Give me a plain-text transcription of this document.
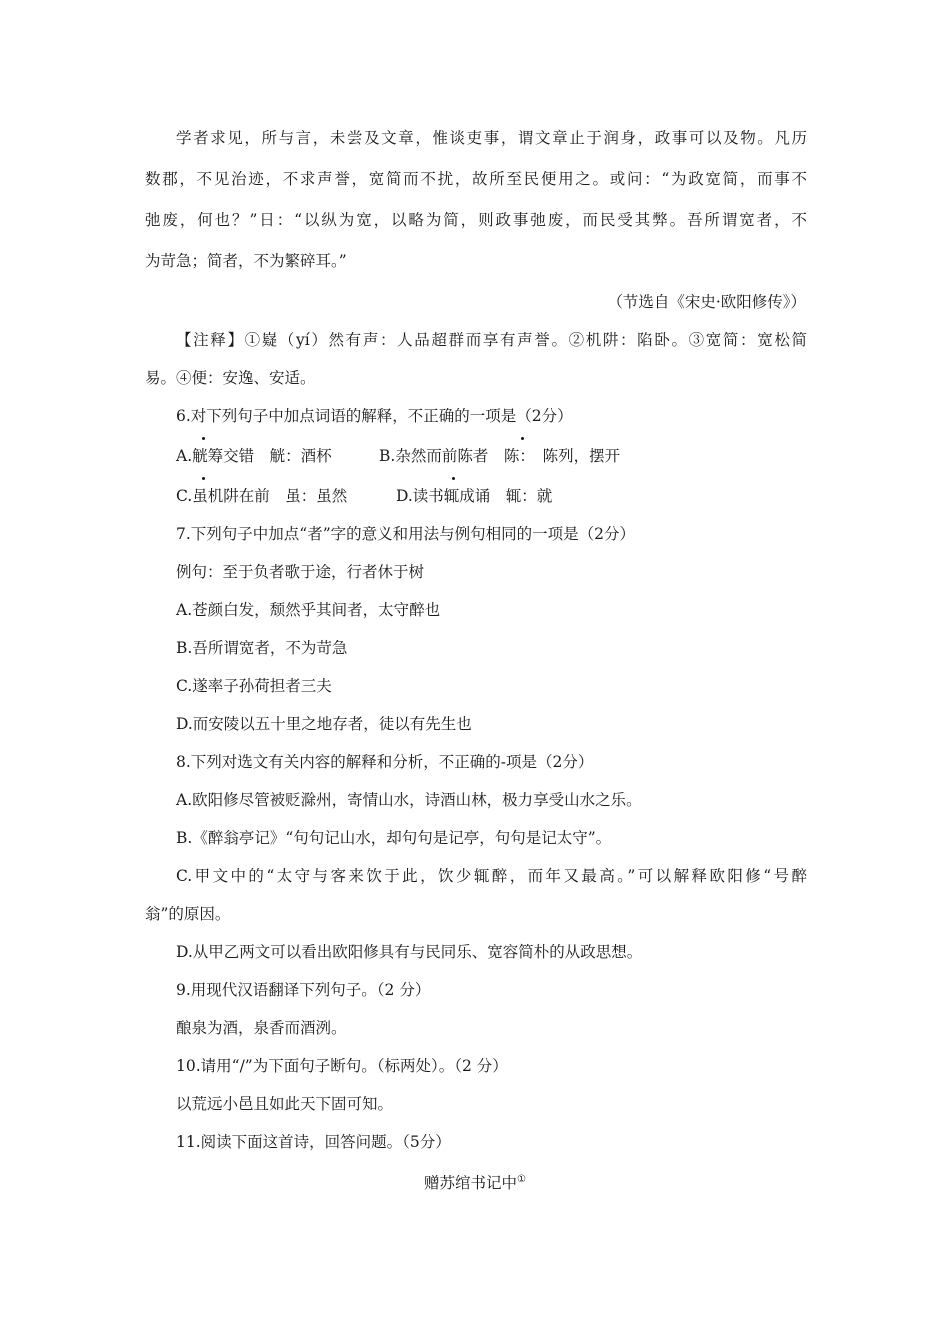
学者求见，所与言，未尝及文章，惟谈吏事，谓文章止于润身，政事可以及物。凡历
数郡，不见治迹，不求声誉，宽简而不扰，故所至民便用之。或问：“为政宽简，而事不
弛废，何也？”日：“以纵为宽，以略为简，则政事弛废，而民受其弊。吾所谓宽者，不
为苛急；简者，不为繁碎耳。”
（节选自《宋史·欧阳修传》）
【注释】①嶷（yí）然有声：人品超群而享有声誉。②机阱：陷卧。③宽简：宽松简
易。④便：安逸、安适。
6.对下列句子中加点词语的解释，不正确的一项是（2分）
A.觥筹交错　觥：酒杯	B.杂然而前陈者　陈：　陈列，摆开
C.虽机阱在前　虽：虽然	D.读书辄成诵　辄：就
7.下列句子中加点“者”字的意义和用法与例句相同的一项是（2分）
例句：至于负者歌于途，行者休于树
A.苍颜白发，颓然乎其间者，太守醉也
B.吾所谓宽者，不为苛急
C.遂率子孙荷担者三夫
D.而安陵以五十里之地存者，徒以有先生也
8.下列对选文有关内容的解释和分析，不正确的-项是（2分）
A.欧阳修尽管被贬滁州，寄情山水，诗酒山林，极力享受山水之乐。
B.《醉翁亭记》“句句记山水，却句句是记亭，句句是记太守”。
C.甲文中的“太守与客来饮于此，饮少辄醉，而年又最高。”可以解释欧阳修“号醉
翁”的原因。
D.从甲乙两文可以看出欧阳修具有与民同乐、宽容简朴的从政思想。
9.用现代汉语翻译下列句子。（2 分）
酿泉为酒，泉香而酒洌。
10.请用“/”为下面句子断句。（标两处）。（2 分）
以荒远小邑且如此天下固可知。
11.阅读下面这首诗，回答问题。（5分）
赠苏绾书记中①
